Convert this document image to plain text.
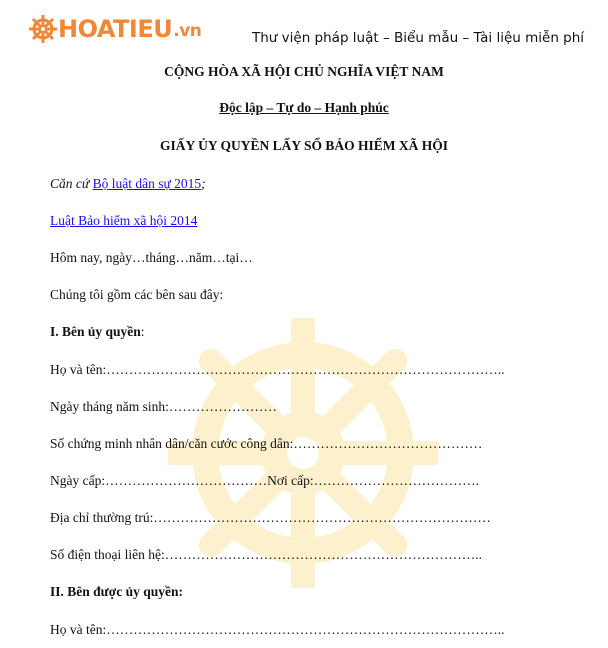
HOATIEU .vn	Thư viện pháp luật – Biểu mẫu – Tài liệu miễn phí
CỘNG HÒA XÃ HỘI CHỦ NGHĨA VIỆT NAM
Độc lập – Tự do – Hạnh phúc
GIẤY ỦY QUYỀN LẤY SỔ BẢO HIỂM XÃ HỘI
Căn cứ Bộ luật dân sự 2015;
Luật Bảo hiểm xã hội 2014
Hôm nay, ngày…tháng…năm…tại…
Chúng tôi gồm các bên sau đây:
I. Bên ủy quyền:
Họ và tên:……………………………………………………………………………..
Ngày tháng năm sinh:……………………
Số chứng minh nhân dân/căn cước công dân:……………………………………
Ngày cấp:………………………………Nơi cấp:……………………………….
Địa chỉ thường trú:…………………………………………………………………
Số điện thoại liên hệ:……………………………………………………………..
II. Bên được ủy quyền:
Họ và tên:……………………………………………………………………………..
